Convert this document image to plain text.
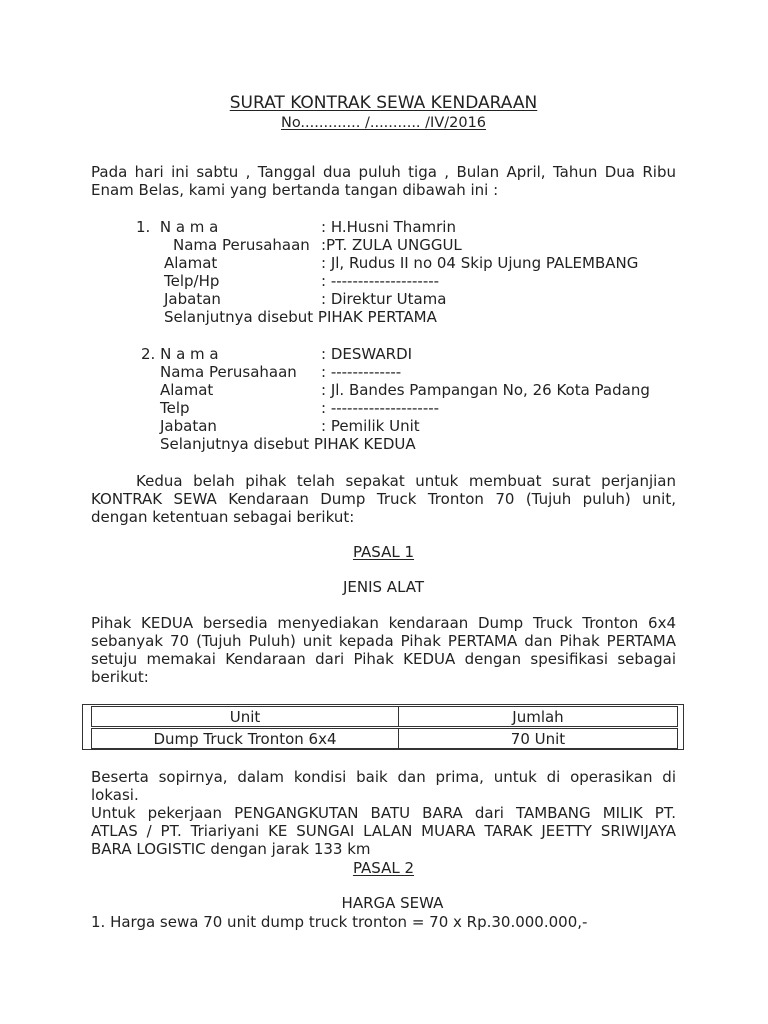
SURAT KONTRAK SEWA KENDARAAN
No............. /........... /IV/2016
Pada hari ini sabtu , Tanggal dua puluh tiga , Bulan April, Tahun Dua Ribu
Enam Belas, kami yang bertanda tangan dibawah ini :
1.  N a m a	: H.Husni Thamrin
Nama Perusahaan :PT. ZULA UNGGUL
Alamat	: Jl, Rudus II no 04 Skip Ujung PALEMBANG
Telp/Hp	: --------------------
Jabatan	: Direktur Utama
Selanjutnya disebut PIHAK PERTAMA
2. N a m a	: DESWARDI
Nama Perusahaan : -------------
Alamat	: Jl. Bandes Pampangan No, 26 Kota Padang
Telp	: --------------------
Jabatan	: Pemilik Unit
Selanjutnya disebut PIHAK KEDUA
Kedua belah pihak telah sepakat untuk membuat surat perjanjian
KONTRAK SEWA Kendaraan Dump Truck Tronton 70 (Tujuh puluh) unit,
dengan ketentuan sebagai berikut:
PASAL 1
JENIS ALAT
Pihak KEDUA bersedia menyediakan kendaraan Dump Truck Tronton 6x4
sebanyak 70 (Tujuh Puluh) unit kepada Pihak PERTAMA dan Pihak PERTAMA
setuju memakai Kendaraan dari Pihak KEDUA dengan spesifikasi sebagai
berikut:
Unit	Jumlah
Dump Truck Tronton 6x4	70 Unit
Beserta sopirnya, dalam kondisi baik dan prima, untuk di operasikan di
lokasi.
Untuk pekerjaan PENGANGKUTAN BATU BARA dari TAMBANG MILIK PT.
ATLAS / PT. Triariyani KE SUNGAI LALAN MUARA TARAK JEETTY SRIWIJAYA
BARA LOGISTIC dengan jarak 133 km
PASAL 2
HARGA SEWA
1. Harga sewa 70 unit dump truck tronton = 70 x Rp.30.000.000,-
